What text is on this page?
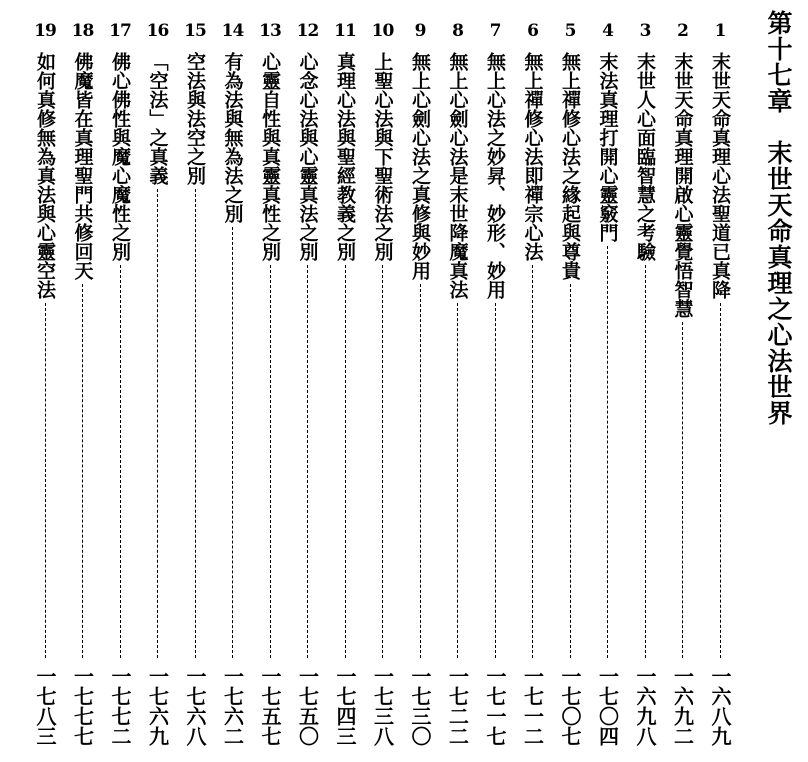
第十七章　末世天命真理之心法世界
1
末世天命真理心法聖道已真降
一六八九
2
末世天命真理開啟心靈覺悟智慧
一六九二
3
末世人心面臨智慧之考驗
一六九八
4
末法真理打開心靈竅門
一七〇四
5
無上禪修心法之緣起與尊貴
一七〇七
6
無上禪修心法即禪宗心法
一七一二
7
無上心法之妙昇、妙形、妙用
一七一七
8
無上心劍心法是末世降魔真法
一七二二
9
無上心劍心法之真修與妙用
一七三〇
10
上聖心法與下聖術法之別
一七三八
11
真理心法與聖經教義之別
一七四三
12
心念心法與心靈真法之別
一七五〇
13
心靈自性與真靈真性之別
一七五七
14
有為法與無為法之別
一七六二
15
空法與法空之別
一七六八
16
「空法」之真義
一七六九
17
佛心佛性與魔心魔性之別
一七七二
18
佛魔皆在真理聖門共修回天
一七七七
19
如何真修無為真法與心靈空法
一七八三
